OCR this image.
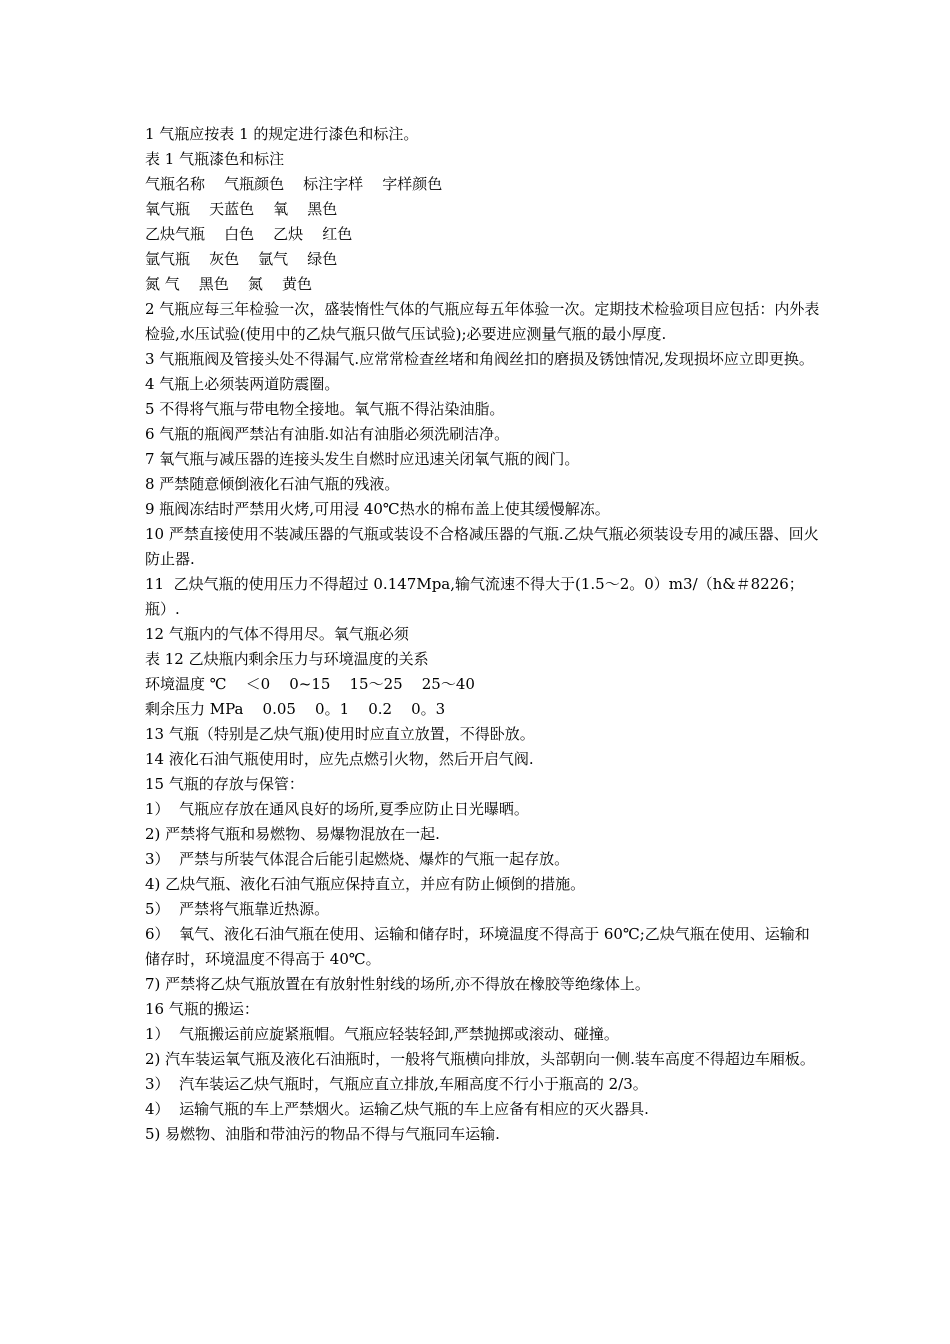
1 气瓶应按表 1 的规定进行漆色和标注。

表 1 气瓶漆色和标注

气瓶名称    气瓶颜色    标注字样    字样颜色

氧气瓶    天蓝色    氧    黑色

乙炔气瓶    白色    乙炔    红色

氩气瓶    灰色    氩气    绿色

氮 气    黑色    氮    黄色

2 气瓶应每三年检验一次，盛装惰性气体的气瓶应每五年体验一次。定期技术检验项目应包括：内外表检验,水压试验(使用中的乙炔气瓶只做气压试验);必要进应测量气瓶的最小厚度.

3 气瓶瓶阀及管接头处不得漏气.应常常检查丝堵和角阀丝扣的磨损及锈蚀情况,发现损坏应立即更换。

4 气瓶上必须装两道防震圈。

5 不得将气瓶与带电物全接地。氧气瓶不得沾染油脂。

6 气瓶的瓶阀严禁沾有油脂.如沾有油脂必须洗刷洁净。

7 氧气瓶与减压器的连接头发生自燃时应迅速关闭氧气瓶的阀门。

8 严禁随意倾倒液化石油气瓶的残液。

9 瓶阀冻结时严禁用火烤,可用浸 40℃热水的棉布盖上使其缓慢解冻。

10 严禁直接使用不装减压器的气瓶或装设不合格减压器的气瓶.乙炔气瓶必须装设专用的减压器、回火防止器.

11  乙炔气瓶的使用压力不得超过 0.147Mpa,输气流速不得大于(1.5～2。0）m3/（h&＃8226；瓶）.

12 气瓶内的气体不得用尽。氧气瓶必须

表 12 乙炔瓶内剩余压力与环境温度的关系

环境温度 ℃    ＜0    0~15    15～25    25～40

剩余压力 MPa    0.05    0。1    0.2    0。3

13 气瓶（特别是乙炔气瓶)使用时应直立放置，不得卧放。

14 液化石油气瓶使用时，应先点燃引火物，然后开启气阀.

15 气瓶的存放与保管：

1）  气瓶应存放在通风良好的场所,夏季应防止日光曝晒。

2) 严禁将气瓶和易燃物、易爆物混放在一起.

3）  严禁与所装气体混合后能引起燃烧、爆炸的气瓶一起存放。

4) 乙炔气瓶、液化石油气瓶应保持直立，并应有防止倾倒的措施。

5）  严禁将气瓶靠近热源。

6）  氧气、液化石油气瓶在使用、运输和储存时，环境温度不得高于 60℃;乙炔气瓶在使用、运输和储存时，环境温度不得高于 40℃。

7) 严禁将乙炔气瓶放置在有放射性射线的场所,亦不得放在橡胶等绝缘体上。

16 气瓶的搬运：

1）  气瓶搬运前应旋紧瓶帽。气瓶应轻装轻卸,严禁抛掷或滚动、碰撞。

2) 汽车装运氧气瓶及液化石油瓶时，一般将气瓶横向排放，头部朝向一侧.装车高度不得超边车厢板。

3）  汽车装运乙炔气瓶时，气瓶应直立排放,车厢高度不行小于瓶高的 2/3。

4）  运输气瓶的车上严禁烟火。运输乙炔气瓶的车上应备有相应的灭火器具.

5) 易燃物、油脂和带油污的物品不得与气瓶同车运输.
